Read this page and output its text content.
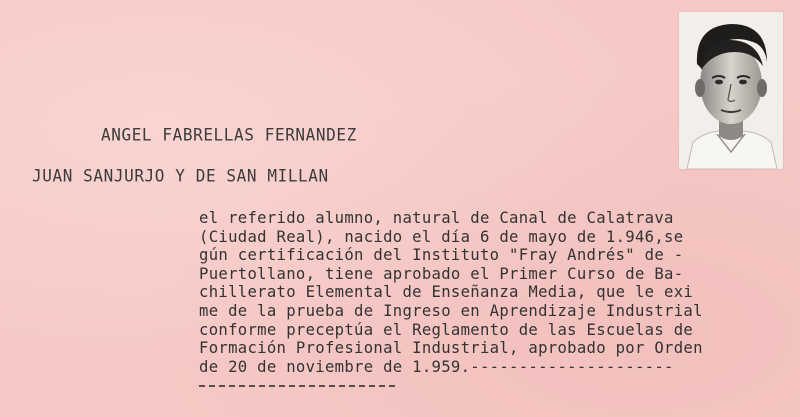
ANGEL FABRELLAS FERNANDEZ
JUAN SANJURJO Y DE SAN MILLAN
el referido alumno, natural de Canal de Calatrava
(Ciudad Real), nacido el día 6 de mayo de 1.946,se
gún certificación del Instituto "Fray Andrés" de -
Puertollano, tiene aprobado el Primer Curso de Ba-
chillerato Elemental de Enseñanza Media, que le exi
me de la prueba de Ingreso en Aprendizaje Industrial
conforme preceptúa el Reglamento de las Escuelas de
Formación Profesional Industrial, aprobado por Orden
de 20 de noviembre de 1.959.---------------------
